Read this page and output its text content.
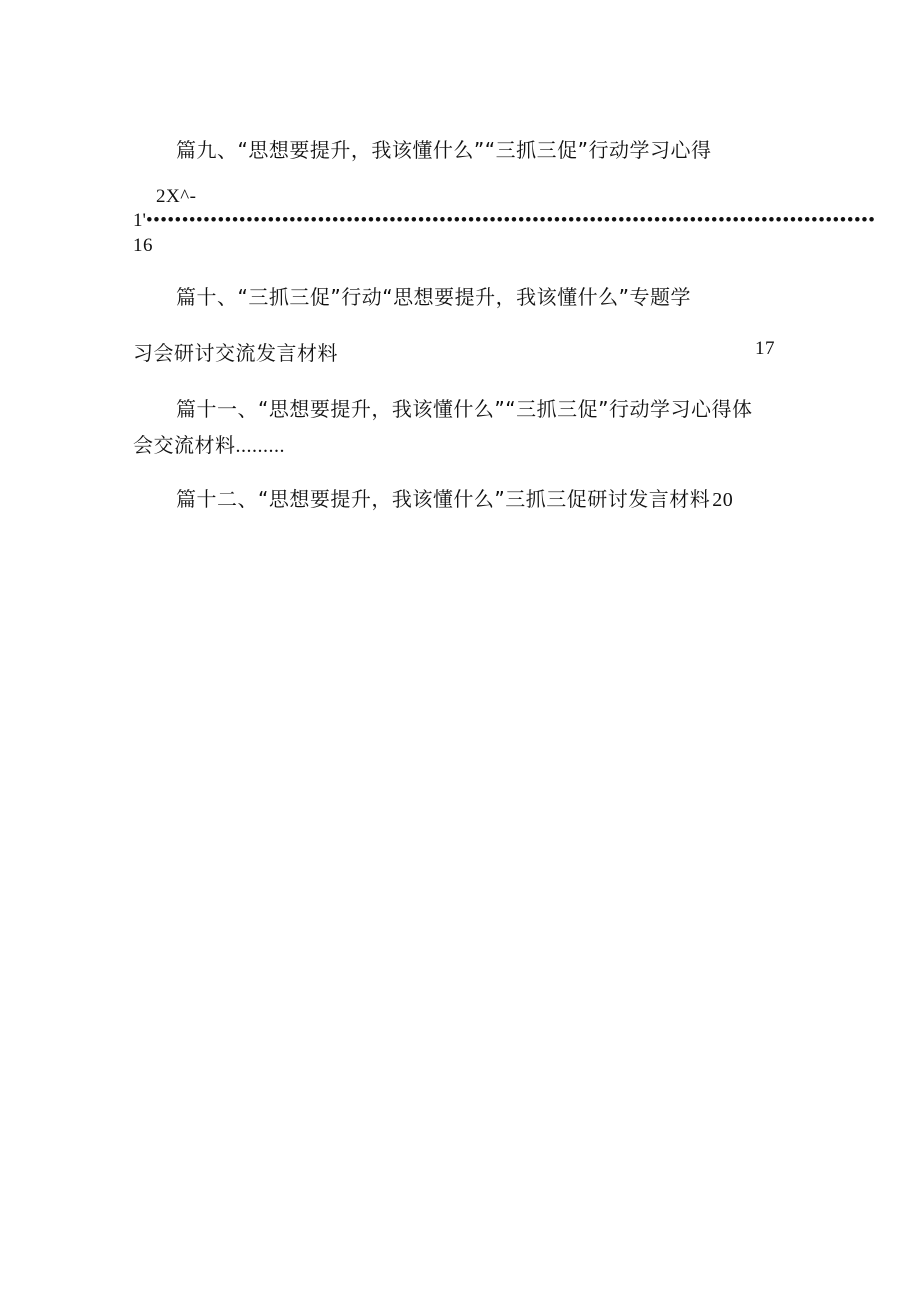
篇九、“思想要提升，我该懂什么”“三抓三促”行动学习心得
2X^-
1'••••••••••••••••••••••••••••••••••••••••••••••••••••••••••••••••••••••••••••••••••••••••••••••••••••••
16
篇十、“三抓三促”行动“思想要提升，我该懂什么”专题学
习会研讨交流发言材料	17
篇十一、“思想要提升，我该懂什么”“三抓三促”行动学习心得体
会交流材料.........
篇十二、“思想要提升，我该懂什么”三抓三促研讨发言材料 20
